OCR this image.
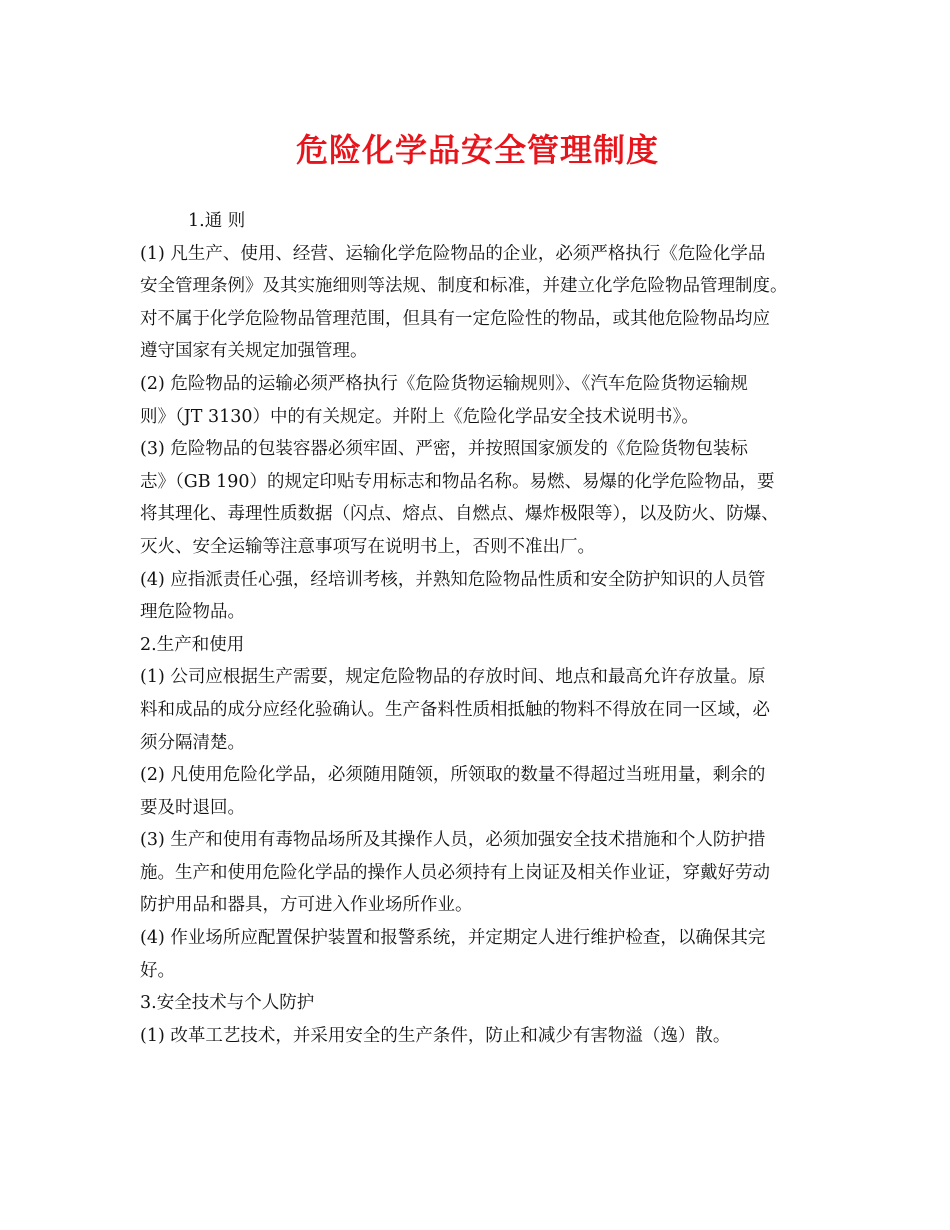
危险化学品安全管理制度
1.通 则
(1) 凡生产、使用、经营、运输化学危险物品的企业，必须严格执行《危险化学品
安全管理条例》及其实施细则等法规、制度和标准，并建立化学危险物品管理制度。
对不属于化学危险物品管理范围，但具有一定危险性的物品，或其他危险物品均应
遵守国家有关规定加强管理。
(2) 危险物品的运输必须严格执行《危险货物运输规则》、《汽车危险货物运输规
则》（JT 3130）中的有关规定。并附上《危险化学品安全技术说明书》。
(3) 危险物品的包装容器必须牢固、严密，并按照国家颁发的《危险货物包装标
志》（GB 190）的规定印贴专用标志和物品名称。易燃、易爆的化学危险物品，要
将其理化、毒理性质数据（闪点、熔点、自燃点、爆炸极限等），以及防火、防爆、
灭火、安全运输等注意事项写在说明书上，否则不准出厂。
(4) 应指派责任心强，经培训考核，并熟知危险物品性质和安全防护知识的人员管
理危险物品。
2.生产和使用
(1) 公司应根据生产需要，规定危险物品的存放时间、地点和最高允许存放量。原
料和成品的成分应经化验确认。生产备料性质相抵触的物料不得放在同一区域，必
须分隔清楚。
(2) 凡使用危险化学品，必须随用随领，所领取的数量不得超过当班用量，剩余的
要及时退回。
(3) 生产和使用有毒物品场所及其操作人员，必须加强安全技术措施和个人防护措
施。生产和使用危险化学品的操作人员必须持有上岗证及相关作业证，穿戴好劳动
防护用品和器具，方可进入作业场所作业。
(4) 作业场所应配置保护装置和报警系统，并定期定人进行维护检查，以确保其完
好。
3.安全技术与个人防护
(1) 改革工艺技术，并采用安全的生产条件，防止和减少有害物溢（逸）散。
